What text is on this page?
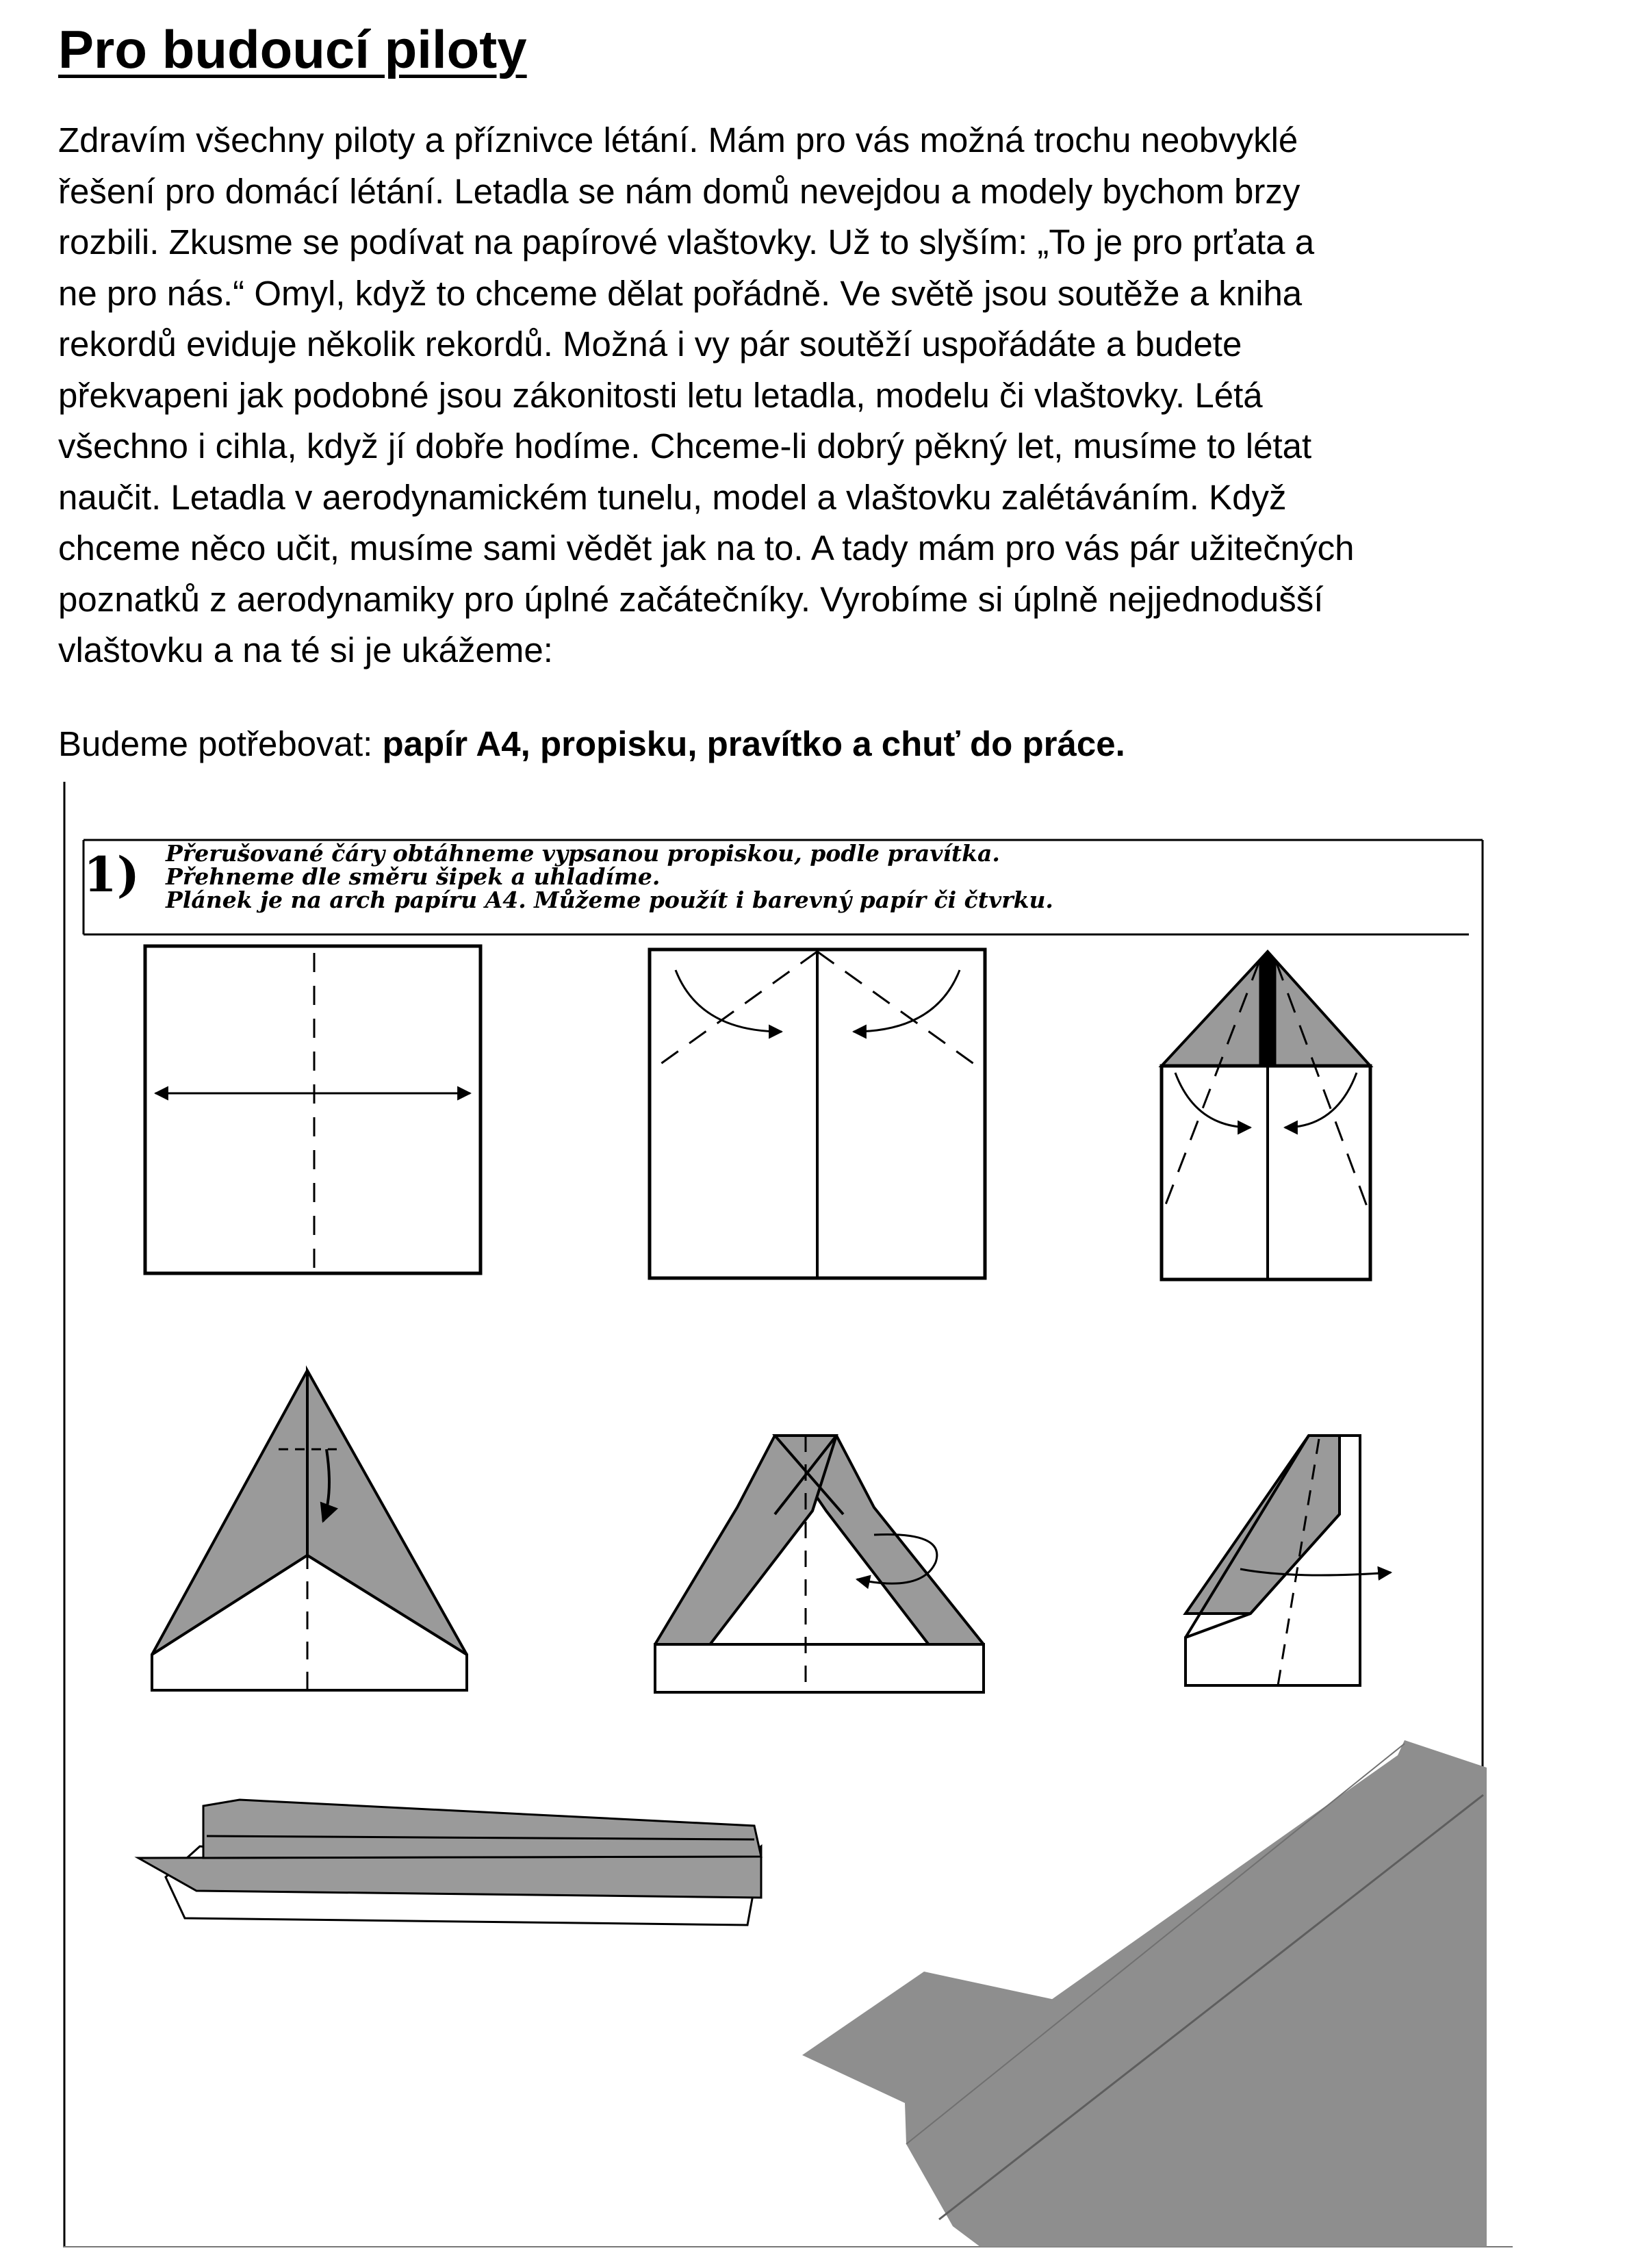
Pro budoucí piloty
Zdravím všechny piloty a příznivce létání. Mám pro vás možná trochu neobvyklé
řešení pro domácí létání. Letadla se nám domů nevejdou a modely bychom brzy
rozbili. Zkusme se podívat na papírové vlaštovky. Už to slyším: „To je pro prťata a
ne pro nás.“ Omyl, když to chceme dělat pořádně. Ve světě jsou soutěže a kniha
rekordů eviduje několik rekordů. Možná i vy pár soutěží uspořádáte a budete
překvapeni jak podobné jsou zákonitosti letu letadla, modelu či vlaštovky. Létá
všechno i cihla, když jí dobře hodíme. Chceme-li dobrý pěkný let, musíme to létat
naučit. Letadla v aerodynamickém tunelu, model a vlaštovku zalétáváním. Když
chceme něco učit, musíme sami vědět jak na to. A tady mám pro vás pár užitečných
poznatků z aerodynamiky pro úplné začátečníky. Vyrobíme si úplně nejjednodušší
vlaštovku a na té si je ukážeme:

Budeme potřebovat: papír A4, propisku, pravítko a chuť do práce.

1) Přerušované čáry obtáhneme vypsanou propiskou, podle pravítka.
Přehneme dle směru šipek a uhladíme.
Plánek je na arch papíru A4. Můžeme použít i barevný papír či čtvrku.
